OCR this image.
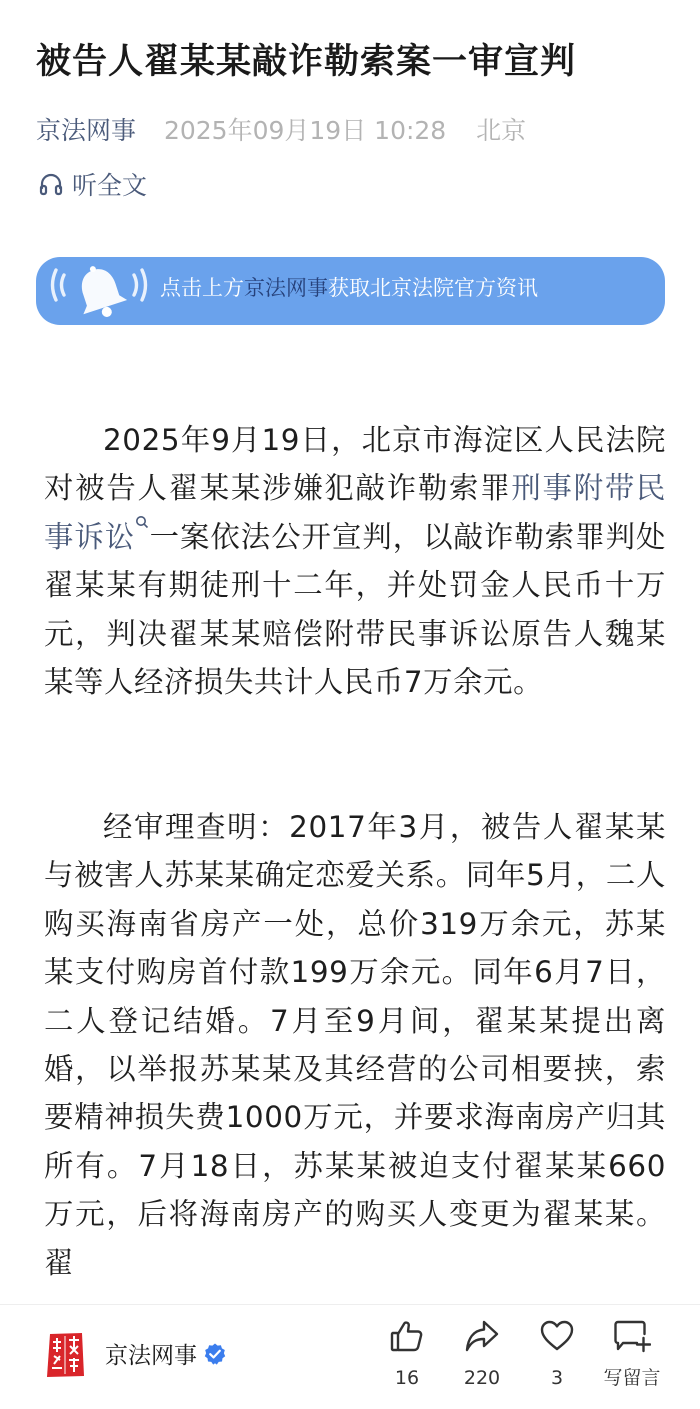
被告人翟某某敲诈勒索案一审宣判
京法网事 2025年09月19日 10:28 北京
听全文
点击上方京法网事获取北京法院官方资讯

2025年9月19日，北京市海淀区人民法院对被告人翟某某涉嫌犯敲诈勒索罪刑事附带民事诉讼 一案依法公开宣判，以敲诈勒索罪判处翟某某有期徒刑十二年，并处罚金人民币十万元，判决翟某某赔偿附带民事诉讼原告人魏某某等人经济损失共计人民币7万余元。

经审理查明：2017年3月，被告人翟某某与被害人苏某某确定恋爱关系。同年5月，二人购买海南省房产一处，总价319万余元，苏某某支付购房首付款199万余元。同年6月7日，二人登记结婚。7月至9月间，翟某某提出离婚，以举报苏某某及其经营的公司相要挟，索要精神损失费1000万元，并要求海南房产归其所有。7月18日，苏某某被迫支付翟某某660万元，后将海南房产的购买人变更为翟某某。翟

京法网事
16	220	3	写留言
